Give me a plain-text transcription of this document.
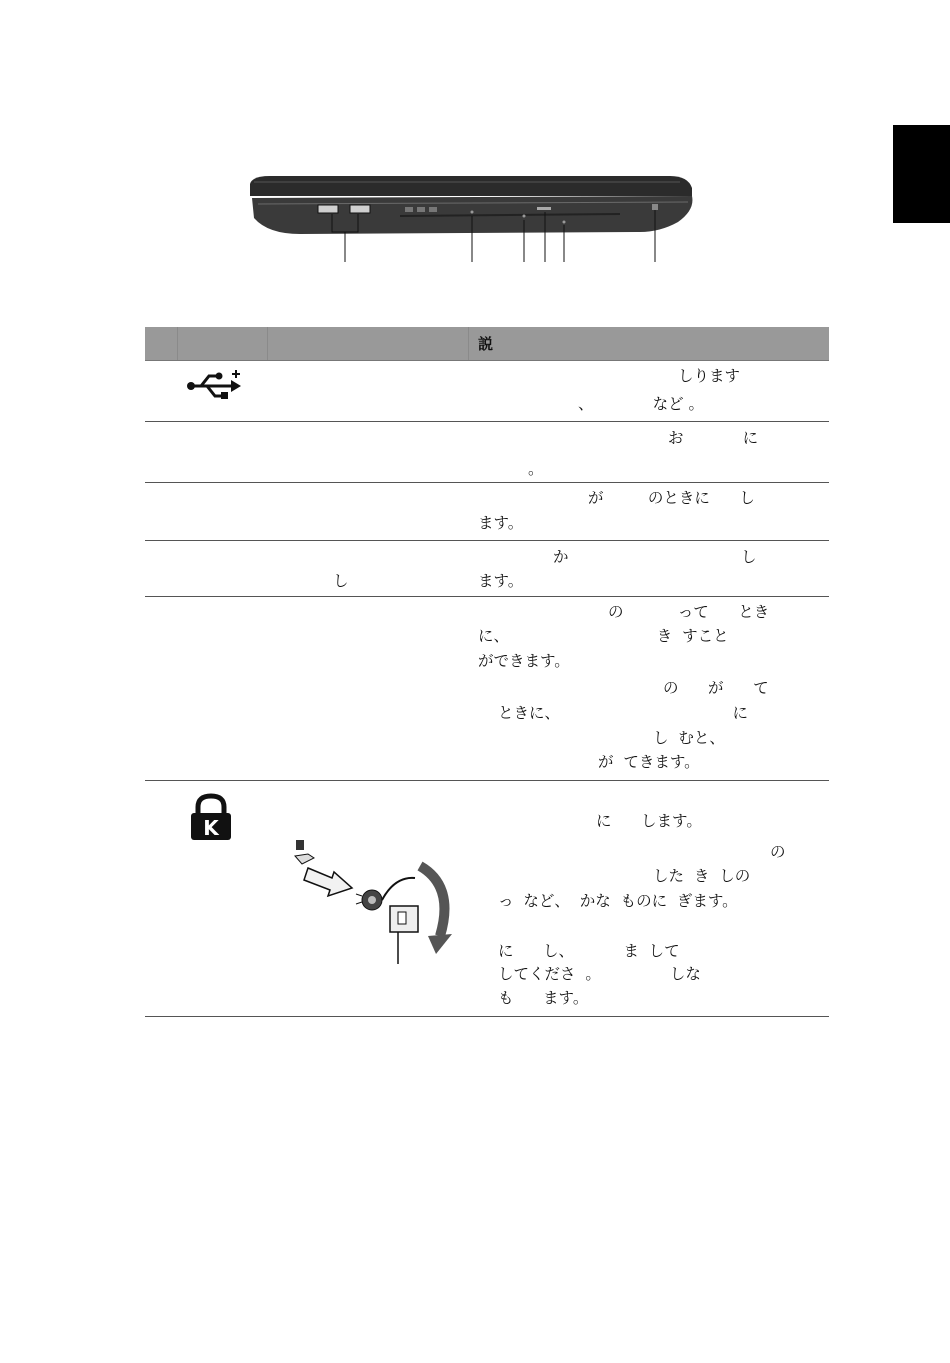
説
しります
、            など 。
お            に
。
が         のときに      し
ます。
し
か                                   し
ます。
の           って      とき
に、                              き  すこと
ができます。
の      が      て
ときに、                                   に
し  むと、
が  てきます。
K	に      します。
の
した  き  しの
っ  など、  かな  ものに  ぎます。
に      し、          ま  して
してくださ  。              しな
も      ます。
